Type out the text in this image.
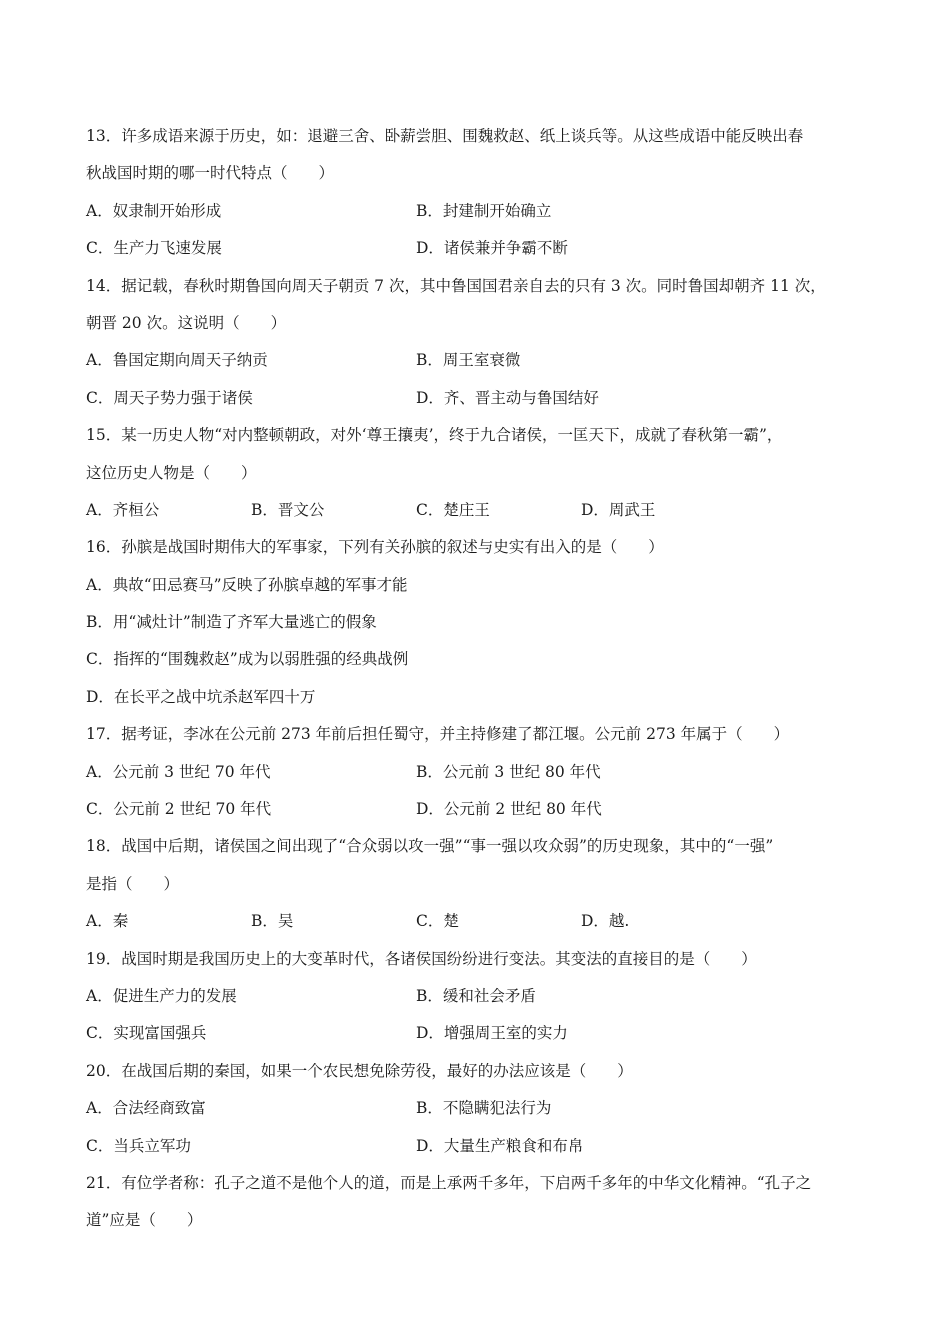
13．许多成语来源于历史，如：退避三舍、卧薪尝胆、围魏救赵、纸上谈兵等。从这些成语中能反映出春
秋战国时期的哪一时代特点（　　）
A．奴隶制开始形成	B．封建制开始确立
C．生产力飞速发展	D．诸侯兼并争霸不断
14．据记载，春秋时期鲁国向周天子朝贡 7 次，其中鲁国国君亲自去的只有 3 次。同时鲁国却朝齐 11 次，
朝晋 20 次。这说明（　　）
A．鲁国定期向周天子纳贡	B．周王室衰微
C．周天子势力强于诸侯	D．齐、晋主动与鲁国结好
15．某一历史人物“对内整顿朝政，对外‘尊王攘夷’，终于九合诸侯，一匡天下，成就了春秋第一霸”，
这位历史人物是（　　）
A．齐桓公	B．晋文公	C．楚庄王	D．周武王
16．孙膑是战国时期伟大的军事家，下列有关孙膑的叙述与史实有出入的是（　　）
A．典故“田忌赛马”反映了孙膑卓越的军事才能
B．用“减灶计”制造了齐军大量逃亡的假象
C．指挥的“围魏救赵”成为以弱胜强的经典战例
D．在长平之战中坑杀赵军四十万
17．据考证，李冰在公元前 273 年前后担任蜀守，并主持修建了都江堰。公元前 273 年属于（　　）
A．公元前 3 世纪 70 年代	B．公元前 3 世纪 80 年代
C．公元前 2 世纪 70 年代	D．公元前 2 世纪 80 年代
18．战国中后期，诸侯国之间出现了“合众弱以攻一强”“事一强以攻众弱”的历史现象，其中的“一强”
是指（　　）
A．秦	B．吴	C．楚	D．越.
19．战国时期是我国历史上的大变革时代，各诸侯国纷纷进行变法。其变法的直接目的是（　　）
A．促进生产力的发展	B．缓和社会矛盾
C．实现富国强兵	D．增强周王室的实力
20．在战国后期的秦国，如果一个农民想免除劳役，最好的办法应该是（　　）
A．合法经商致富	B．不隐瞒犯法行为
C．当兵立军功	D．大量生产粮食和布帛
21．有位学者称：孔子之道不是他个人的道，而是上承两千多年，下启两千多年的中华文化精神。“孔子之
道”应是（　　）
